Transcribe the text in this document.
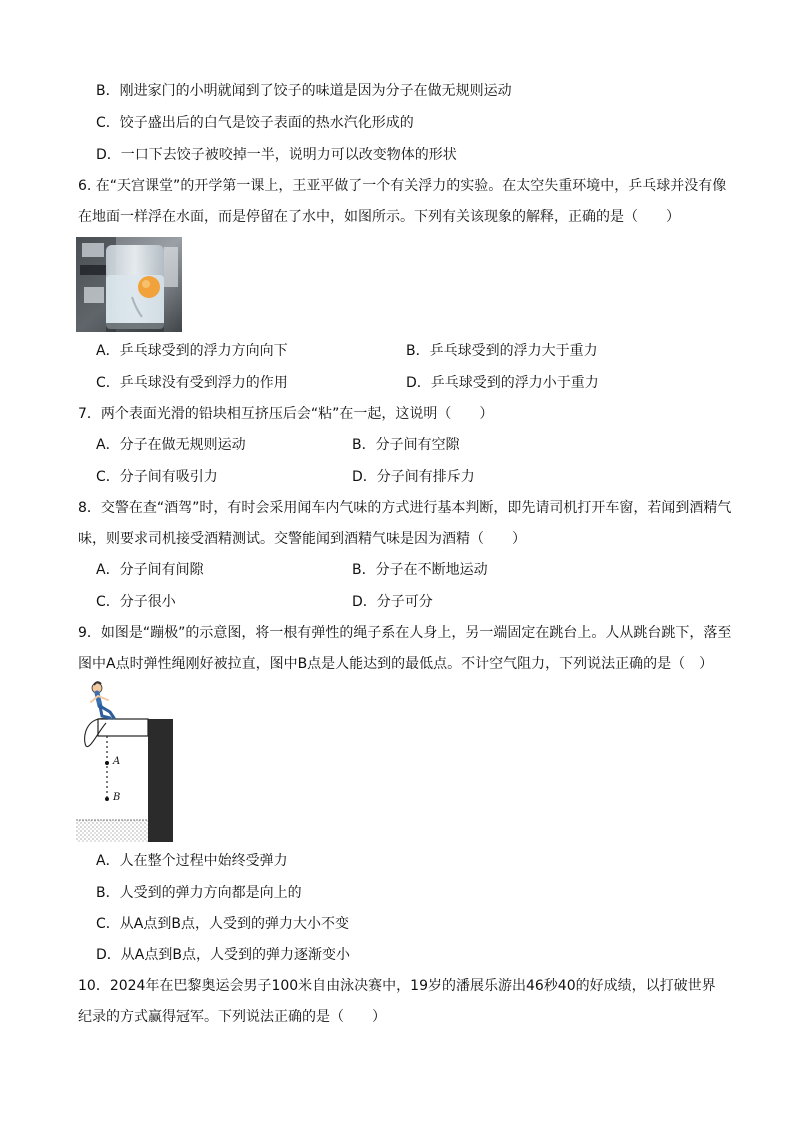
B．刚进家门的小明就闻到了饺子的味道是因为分子在做无规则运动
C．饺子盛出后的白气是饺子表面的热水汽化形成的
D．一口下去饺子被咬掉一半，说明力可以改变物体的形状
6. 在“天宫课堂”的开学第一课上，王亚平做了一个有关浮力的实验。在太空失重环境中，乒乓球并没有像
在地面一样浮在水面，而是停留在了水中，如图所示。下列有关该现象的解释，正确的是（　　）
A．乒乓球受到的浮力方向向下	B．乒乓球受到的浮力大于重力
C．乒乓球没有受到浮力的作用	D．乒乓球受到的浮力小于重力
7．两个表面光滑的铅块相互挤压后会“粘”在一起，这说明（　　）
A．分子在做无规则运动	B．分子间有空隙
C．分子间有吸引力	D．分子间有排斥力
8．交警在查“酒驾”时，有时会采用闻车内气味的方式进行基本判断，即先请司机打开车窗，若闻到酒精气
味，则要求司机接受酒精测试。交警能闻到酒精气味是因为酒精（　　）
A．分子间有间隙	B．分子在不断地运动
C．分子很小	D．分子可分
9．如图是“蹦极”的示意图，将一根有弹性的绳子系在人身上，另一端固定在跳台上。人从跳台跳下，落至
图中A点时弹性绳刚好被拉直，图中B点是人能达到的最低点。不计空气阻力，下列说法正确的是（　）
A
B
A．人在整个过程中始终受弹力
B．人受到的弹力方向都是向上的
C．从A点到B点，人受到的弹力大小不变
D．从A点到B点，人受到的弹力逐渐变小
10．2024年在巴黎奥运会男子100米自由泳决赛中，19岁的潘展乐游出46秒40的好成绩，以打破世界
纪录的方式赢得冠军。下列说法正确的是（　　）
